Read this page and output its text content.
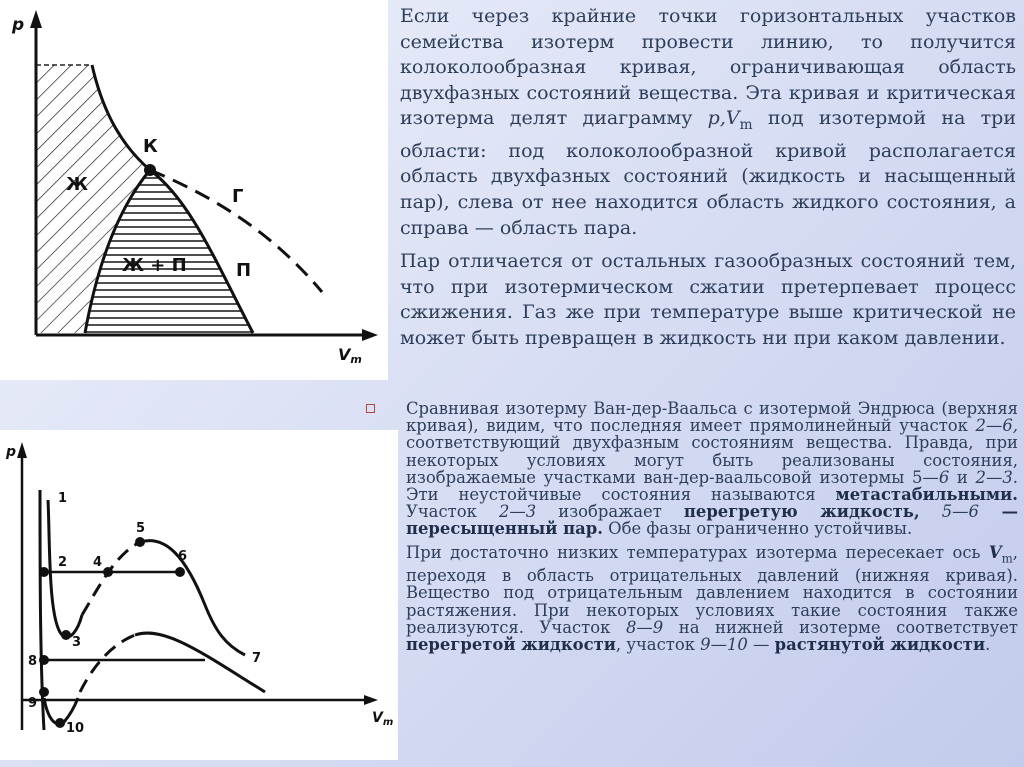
p
Vm
К
Ж
Г
Ж + П	П
p
$V_m$
1
2
3
4
5
6
7
8
9
10

Если через крайние точки горизонтальных участков семейства изотерм провести линию, то получится колоколообразная кривая, ограничивающая область двухфазных состояний вещества. Эта кривая и критическая изотерма делят диаграмму $p,V_m$ под изотермой на три области: под колоколообразной кривой располагается область двухфазных состояний (жидкость и насыщенный пар), слева от нее находится область жидкого состояния, а справа — область пара.

Пар отличается от остальных газообразных состояний тем, что при изотермическом сжатии претерпевает процесс сжижения. Газ же при температуре выше критической не может быть превращен в жидкость ни при каком давлении.

Сравнивая изотерму Ван-дер-Ваальса с изотермой Эндрюса (верхняя кривая), видим, что последняя имеет прямолинейный участок 2—6, соответствующий двухфазным состояниям вещества. Правда, при некоторых условиях могут быть реализованы состояния, изображаемые участками ван-дер-ваальсовой изотермы 5—6 и 2—3. Эти неустойчивые состояния называются метастабильными. Участок 2—3 изображает перегретую жидкость, 5—6 — пересыщенный пар. Обе фазы ограниченно устойчивы.

При достаточно низких температурах изотерма пересекает ось $V_m$, переходя в область отрицательных давлений (нижняя кривая). Вещество под отрицательным давлением находится в состоянии растяжения. При некоторых условиях такие состояния также реализуются. Участок 8—9 на нижней изотерме соответствует перегретой жидкости, участок 9—10 — растянутой жидкости.
